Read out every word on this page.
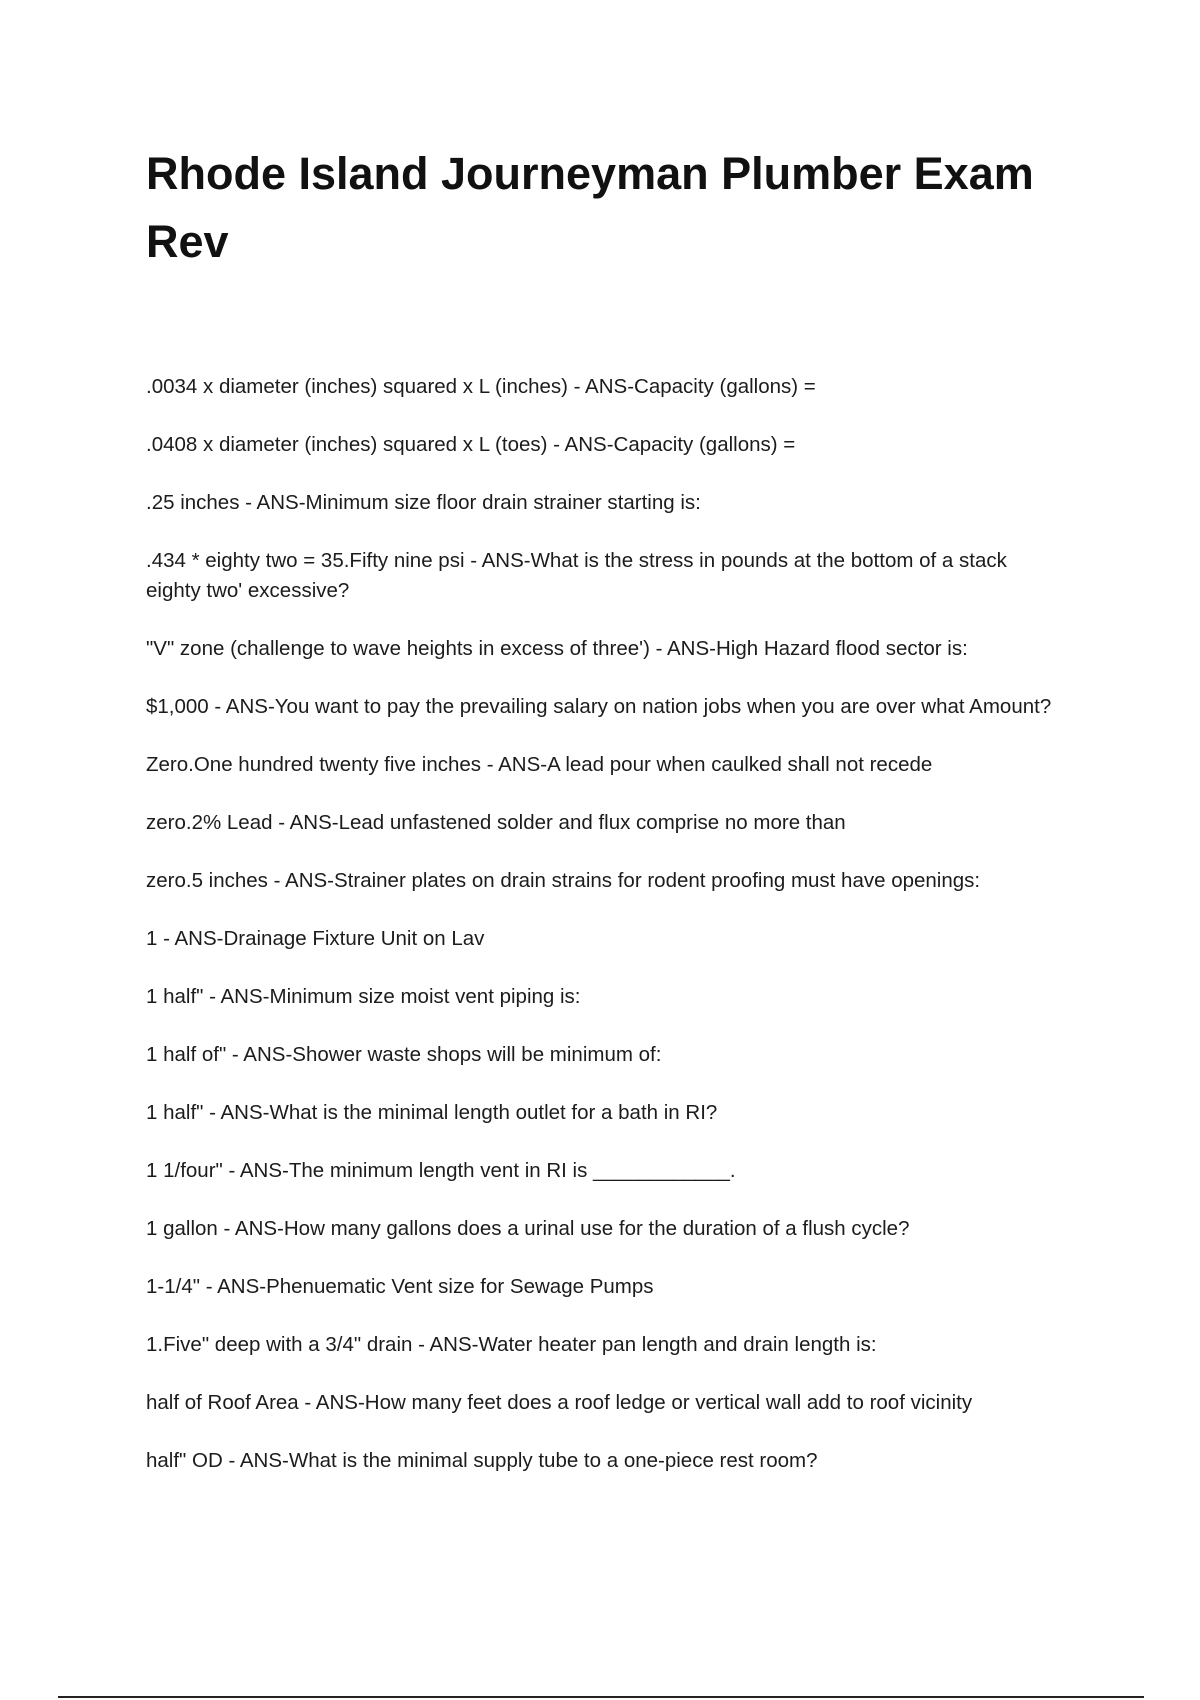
Rhode Island Journeyman Plumber Exam Rev
.0034 x diameter (inches) squared x L (inches) - ANS-Capacity (gallons) =
.0408 x diameter (inches) squared x L (toes) - ANS-Capacity (gallons) =
.25 inches - ANS-Minimum size floor drain strainer starting is:
.434 * eighty two = 35.Fifty nine psi - ANS-What is the stress in pounds at the bottom of a stack eighty two' excessive?
"V" zone (challenge to wave heights in excess of three') - ANS-High Hazard flood sector is:
$1,000 - ANS-You want to pay the prevailing salary on nation jobs when you are over what Amount?
Zero.One hundred twenty five inches - ANS-A lead pour when caulked shall not recede
zero.2% Lead - ANS-Lead unfastened solder and flux comprise no more than
zero.5 inches - ANS-Strainer plates on drain strains for rodent proofing must have openings:
1 - ANS-Drainage Fixture Unit on Lav
1 half" - ANS-Minimum size moist vent piping is:
1 half of" - ANS-Shower waste shops will be minimum of:
1 half" - ANS-What is the minimal length outlet for a bath in RI?
1 1/four" - ANS-The minimum length vent in RI is ____________.
1 gallon - ANS-How many gallons does a urinal use for the duration of a flush cycle?
1-1/4" - ANS-Phenuematic Vent size for Sewage Pumps
1.Five" deep with a 3/4" drain - ANS-Water heater pan length and drain length is:
half of Roof Area - ANS-How many feet does a roof ledge or vertical wall add to roof vicinity
half" OD - ANS-What is the minimal supply tube to a one-piece rest room?
